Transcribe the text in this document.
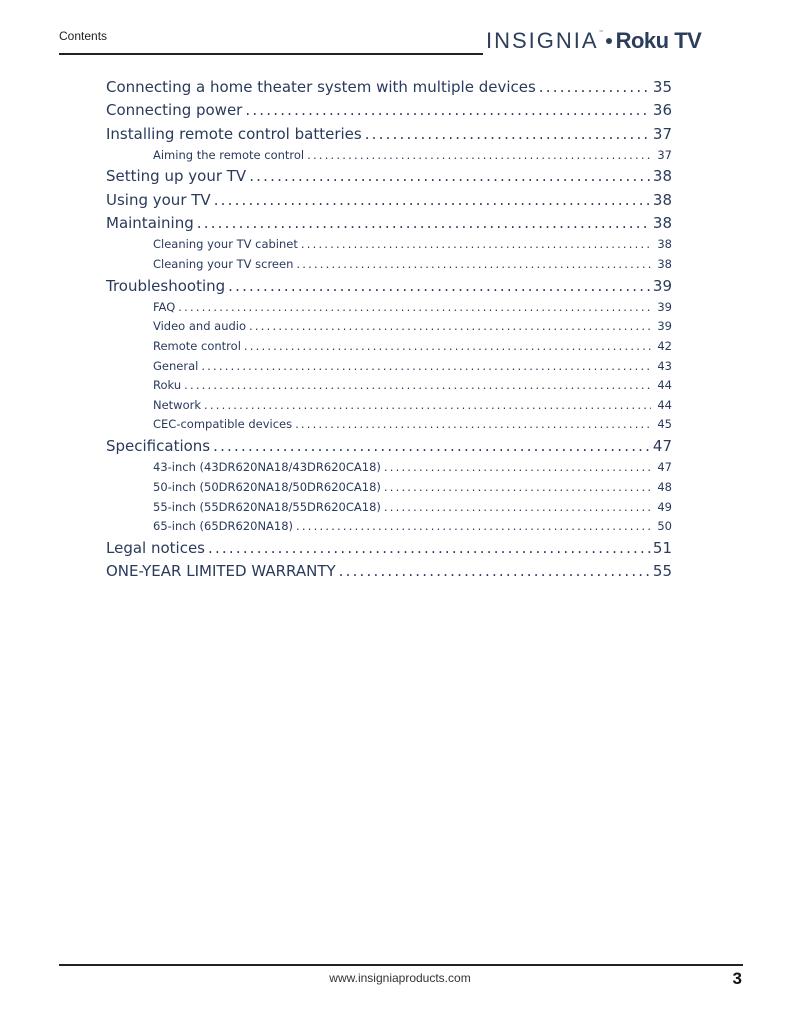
Contents	INSIGNIA ™ Roku TV
Connecting a home theater system with multiple devices .....	35
Connecting power .....	36
Installing remote control batteries .....	37
Aiming the remote control .....	37
Setting up your TV .....	38
Using your TV .....	38
Maintaining .....	38
Cleaning your TV cabinet .....	38
Cleaning your TV screen .....	38
Troubleshooting .....	39
FAQ .....	39
Video and audio .....	39
Remote control .....	42
General .....	43
Roku .....	44
Network .....	44
CEC-compatible devices .....	45
Specifications .....	47
43-inch (43DR620NA18/43DR620CA18) .....	47
50-inch (50DR620NA18/50DR620CA18) .....	48
55-inch (55DR620NA18/55DR620CA18) .....	49
65-inch (65DR620NA18) .....	50
Legal notices .....	51
ONE-YEAR LIMITED WARRANTY .....	55
www.insigniaproducts.com	3
